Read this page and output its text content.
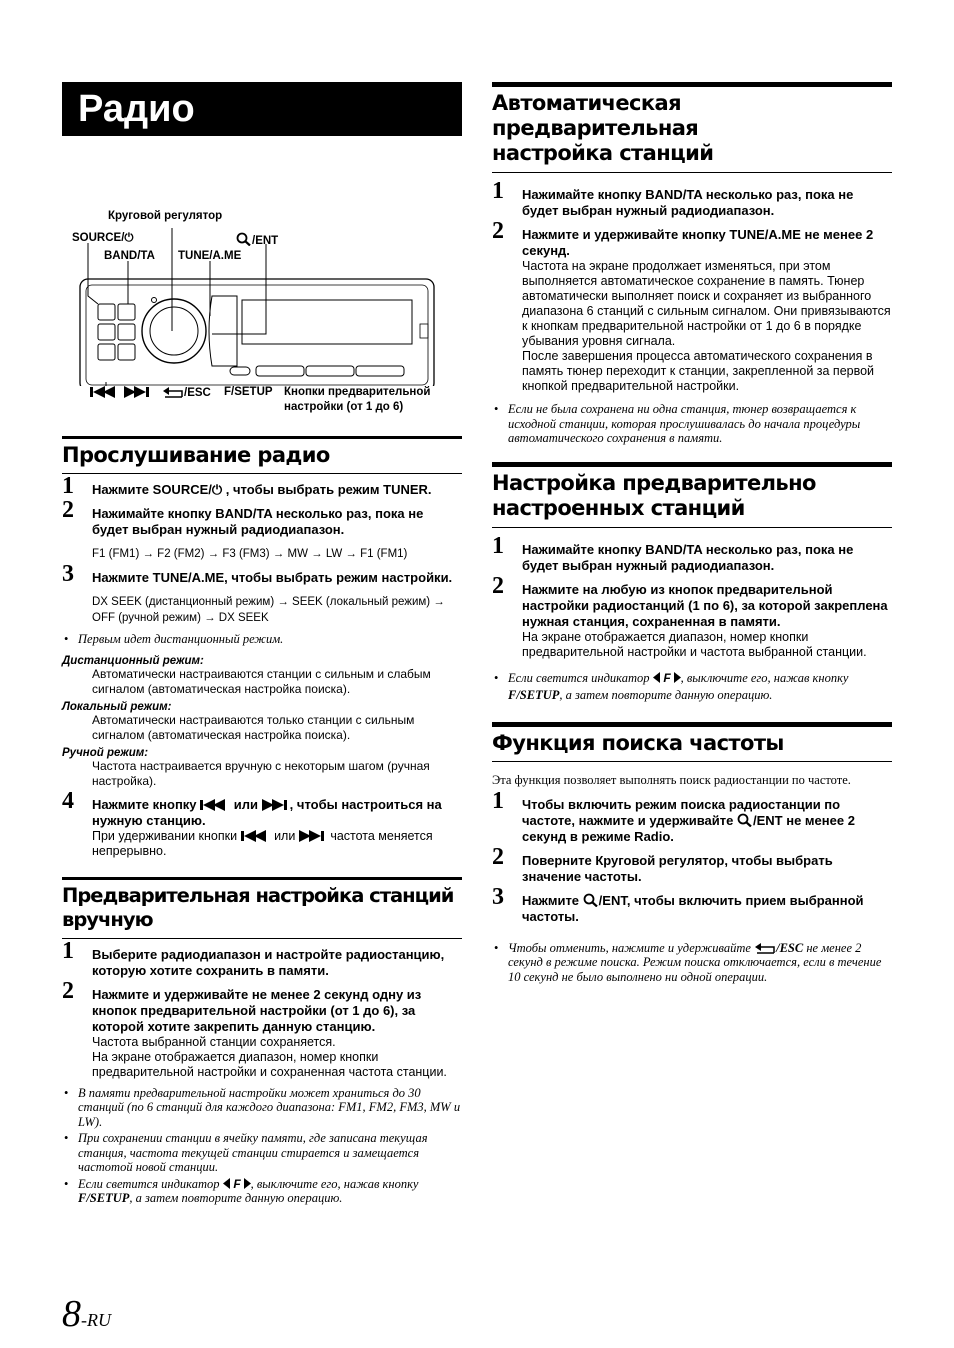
Радио
Круговой регулятор
SOURCE/⏻	/ENT
BAND/TA TUNE/A.ME
/ESC F/SETUP Кнопки предварительной
настройки (от 1 до 6)
Прослушивание радио
1 Нажмите SOURCE/⏻ , чтобы выбрать режим TUNER.
2 Нажимайте кнопку BAND/TA несколько раз, пока не будет выбран нужный радиодиапазон.
F1 (FM1) → F2 (FM2) → F3 (FM3) → MW → LW → F1 (FM1)
3 Нажмите TUNE/A.ME, чтобы выбрать режим настройки.
DX SEEK (дистанционный режим) → SEEK (локальный режим) → OFF (ручной режим) → DX SEEK
• Первым идет дистанционный режим.
Дистанционный режим:
Автоматически настраиваются станции с сильным и слабым сигналом (автоматическая настройка поиска).
Локальный режим:
Автоматически настраиваются только станции с сильным сигналом (автоматическая настройка поиска).
Ручной режим:
Частота настраивается вручную с некоторым шагом (ручная настройка).
4 Нажмите кнопку	или , чтобы настроиться на нужную станцию.
При удерживании кнопки	или	частота меняется непрерывно.
Предварительная настройка станций вручную
1 Выберите радиодиапазон и настройте радиостанцию, которую хотите сохранить в памяти.
2 Нажмите и удерживайте не менее 2 секунд одну из кнопок предварительной настройки (от 1 до 6), за которой хотите закрепить данную станцию.
Частота выбранной станции сохраняется.
На экране отображается диапазон, номер кнопки предварительной настройки и сохраненная частота станции.
• В памяти предварительной настройки может храниться до 30 станций (по 6 станций для каждого диапазона: FM1, FM2, FM3, MW и LW).
• При сохранении станции в ячейку памяти, где записана текущая станция, частота текущей станции стирается и замещается частотой новой станции.
• Если светится индикатор F , выключите его, нажав кнопку F/SETUP, а затем повторите данную операцию.
Автоматическая предварительная
настройка станций
1 Нажимайте кнопку BAND/TA несколько раз, пока не будет выбран нужный радиодиапазон.
2 Нажмите и удерживайте кнопку TUNE/A.ME не менее 2 секунд.
Частота на экране продолжает изменяться, при этом выполняется автоматическое сохранение в память. Тюнер автоматически выполняет поиск и сохраняет из выбранного диапазона 6 станций с сильным сигналом. Они привязываются к кнопкам предварительной настройки от 1 до 6 в порядке убывания уровня сигнала.
После завершения процесса автоматического сохранения в память тюнер переходит к станции, закрепленной за первой кнопкой предварительной настройки.
• Если не была сохранена ни одна станция, тюнер возвращается к исходной станции, которая прослушивалась до начала процедуры автоматического сохранения в памяти.
Настройка предварительно
настроенных станций
1 Нажимайте кнопку BAND/TA несколько раз, пока не будет выбран нужный радиодиапазон.
2 Нажмите на любую из кнопок предварительной настройки радиостанций (1 по 6), за которой закреплена нужная станция, сохраненная в памяти.
На экране отображается диапазон, номер кнопки предварительной настройки и частота выбранной станции.
• Если светится индикатор F , выключите его, нажав кнопку F/SETUP, а затем повторите данную операцию.
Функция поиска частоты
Эта функция позволяет выполнять поиск радиостанции по частоте.
1 Чтобы включить режим поиска радиостанции по частоте, нажмите и удерживайте /ENT не менее 2 секунд в режиме Radio.
2 Поверните Круговой регулятор, чтобы выбрать значение частоты.
3 Нажмите /ENT, чтобы включить прием выбранной частоты.
• Чтобы отменить, нажмите и удерживайте /ESC не менее 2 секунд в режиме поиска. Режим поиска отключается, если в течение 10 секунд не было выполнено ни одной операции.
8-RU
